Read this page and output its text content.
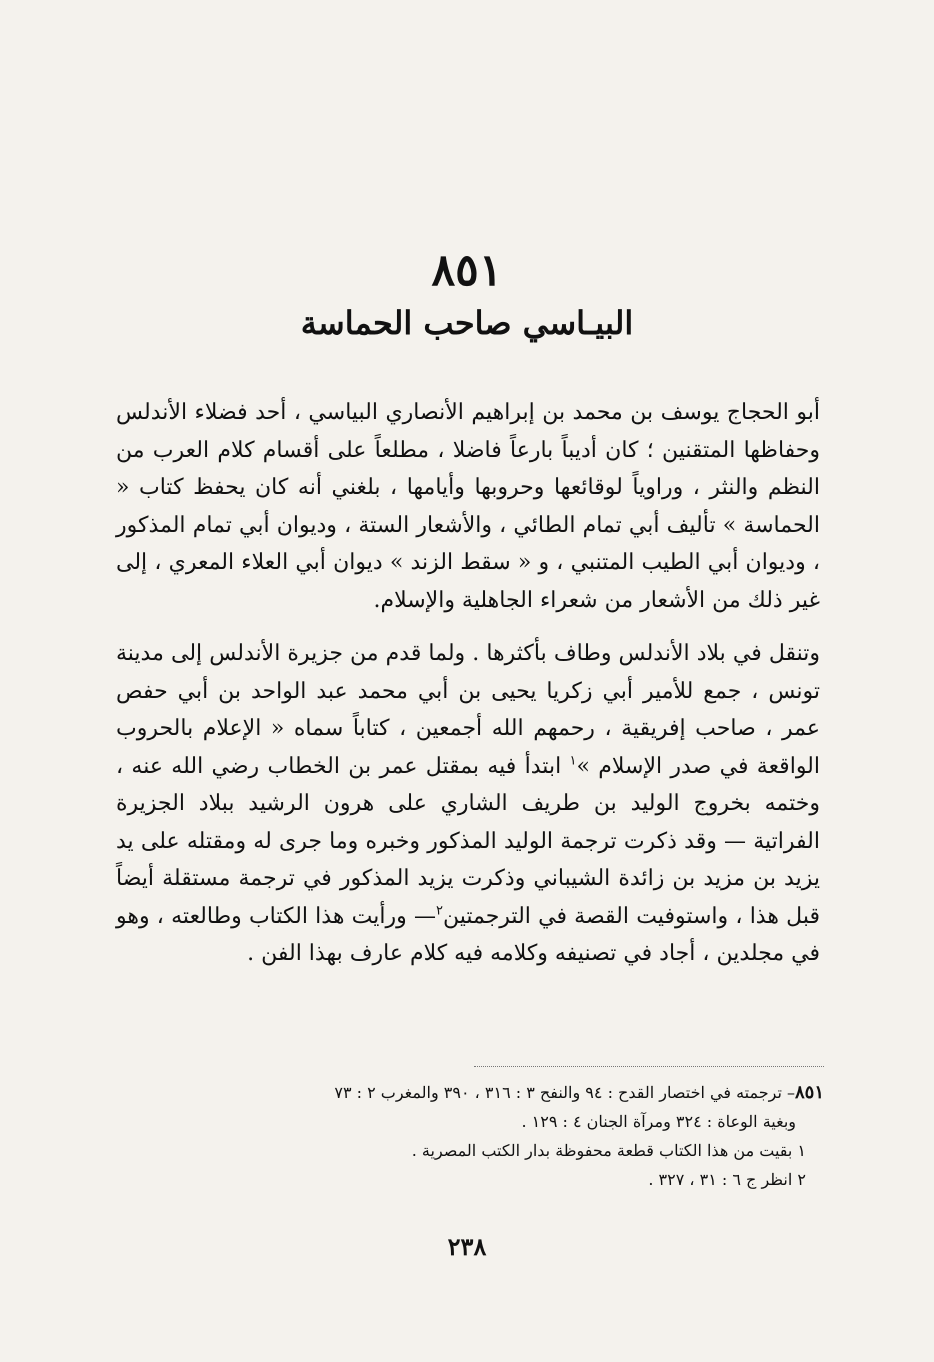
٨٥١
البيـاسي صاحب الحماسة

أبو الحجاج يوسف بن محمد بن إبراهيم الأنصاري البياسي ، أحد فضلاء الأندلس وحفاظها المتقنين ؛ كان أديباً بارعاً فاضلا ، مطلعاً على أقسام كلام العرب من النظم والنثر ، وراوياً لوقائعها وحروبها وأيامها ، بلغني أنه كان يحفظ كتاب « الحماسة » تأليف أبي تمام الطائي ، والأشعار الستة ، وديوان أبي تمام المذكور ، وديوان أبي الطيب المتنبي ، و « سقط الزند » ديوان أبي العلاء المعري ، إلى غير ذلك من الأشعار من شعراء الجاهلية والإسلام.

وتنقل في بلاد الأندلس وطاف بأكثرها . ولما قدم من جزيرة الأندلس إلى مدينة تونس ، جمع للأمير أبي زكريا يحيى بن أبي محمد عبد الواحد بن أبي حفص عمر ، صاحب إفريقية ، رحمهم الله أجمعين ، كتاباً سماه « الإعلام بالحروب الواقعة في صدر الإسلام »$^١$ ابتدأ فيه بمقتل عمر بن الخطاب رضي الله عنه ، وختمه بخروج الوليد بن طريف الشاري على هرون الرشيد ببلاد الجزيرة الفراتية — وقد ذكرت ترجمة الوليد المذكور وخبره وما جرى له ومقتله على يد يزيد بن مزيد بن زائدة الشيباني وذكرت يزيد المذكور في ترجمة مستقلة أيضاً قبل هذا ، واستوفيت القصة في الترجمتين$^٢$— ورأيت هذا الكتاب وطالعته ، وهو في مجلدين ، أجاد في تصنيفه وكلامه فيه كلام عارف بهذا الفن .

٨٥١– ترجمته في اختصار القدح : ٩٤ والنفح ٣ : ٣١٦ ، ٣٩٠ والمغرب ٢ : ٧٣

وبغية الوعاة : ٣٢٤ ومرآة الجنان ٤ : ١٢٩ .

١ بقيت من هذا الكتاب قطعة محفوظة بدار الكتب المصرية .

٢ انظر ج ٦ : ٣١ ، ٣٢٧ .

٢٣٨
